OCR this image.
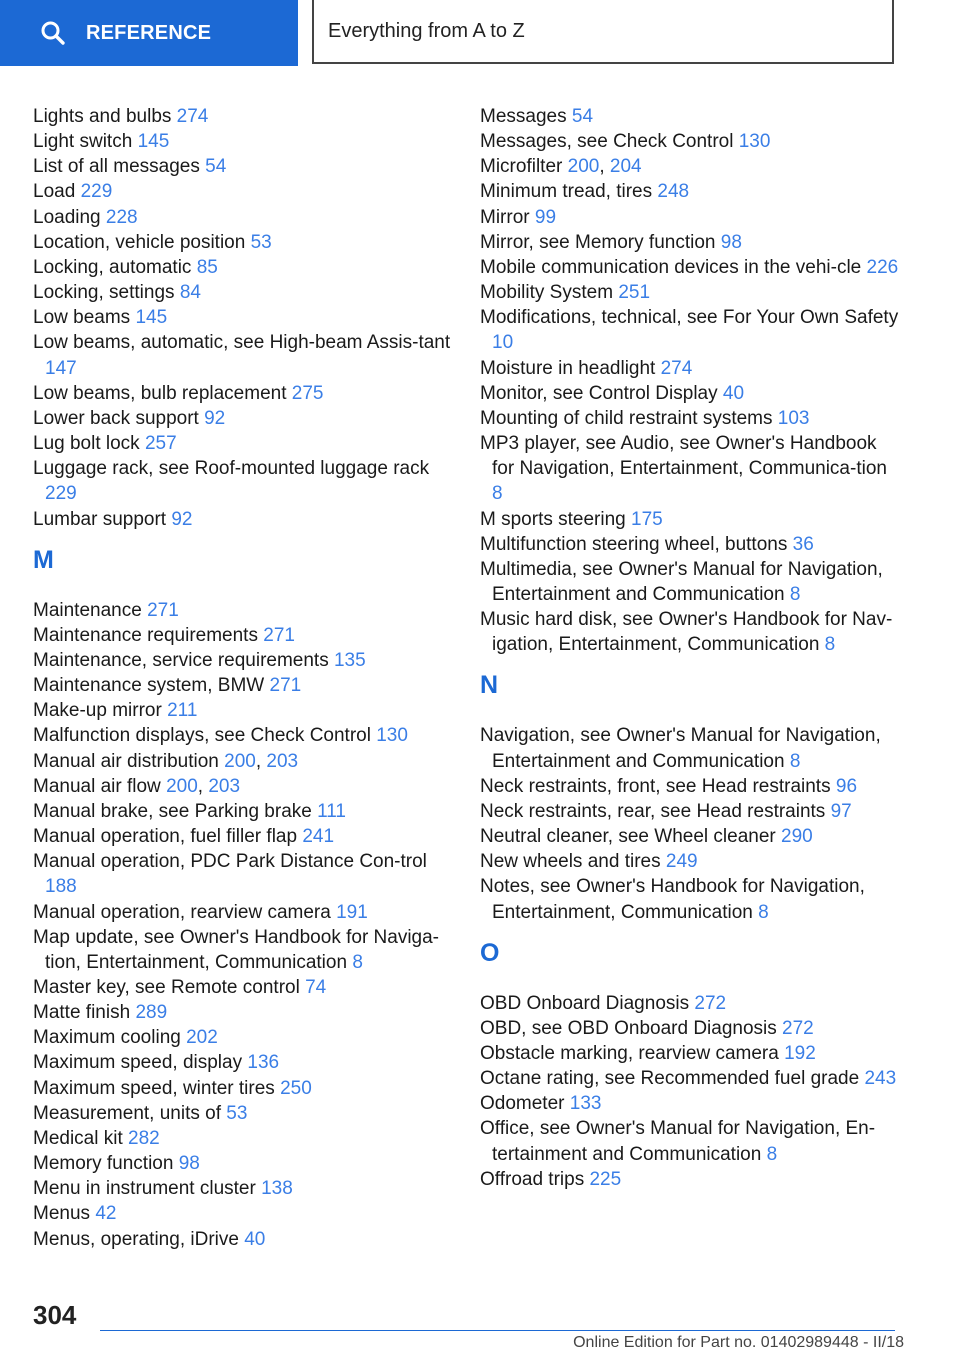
REFERENCE	Everything from A to Z
Lights and bulbs 274
Light switch 145
List of all messages 54
Load 229
Loading 228
Location, vehicle position 53
Locking, automatic 85
Locking, settings 84
Low beams 145
Low beams, automatic, see High-beam Assis-tant 147
Low beams, bulb replacement 275
Lower back support 92
Lug bolt lock 257
Luggage rack, see Roof-mounted luggage rack 229
Lumbar support 92
M
Maintenance 271
Maintenance requirements 271
Maintenance, service requirements 135
Maintenance system, BMW 271
Make-up mirror 211
Malfunction displays, see Check Control 130
Manual air distribution 200, 203
Manual air flow 200, 203
Manual brake, see Parking brake 111
Manual operation, fuel filler flap 241
Manual operation, PDC Park Distance Con-trol 188
Manual operation, rearview camera 191
Map update, see Owner's Handbook for Naviga-tion, Entertainment, Communication 8
Master key, see Remote control 74
Matte finish 289
Maximum cooling 202
Maximum speed, display 136
Maximum speed, winter tires 250
Measurement, units of 53
Medical kit 282
Memory function 98
Menu in instrument cluster 138
Menus 42
Menus, operating, iDrive 40
Messages 54
Messages, see Check Control 130
Microfilter 200, 204
Minimum tread, tires 248
Mirror 99
Mirror, see Memory function 98
Mobile communication devices in the vehi-cle 226
Mobility System 251
Modifications, technical, see For Your Own Safety 10
Moisture in headlight 274
Monitor, see Control Display 40
Mounting of child restraint systems 103
MP3 player, see Audio, see Owner's Handbook for Navigation, Entertainment, Communica-tion 8
M sports steering 175
Multifunction steering wheel, buttons 36
Multimedia, see Owner's Manual for Navigation, Entertainment and Communication 8
Music hard disk, see Owner's Handbook for Nav-igation, Entertainment, Communication 8
N
Navigation, see Owner's Manual for Navigation, Entertainment and Communication 8
Neck restraints, front, see Head restraints 96
Neck restraints, rear, see Head restraints 97
Neutral cleaner, see Wheel cleaner 290
New wheels and tires 249
Notes, see Owner's Handbook for Navigation, Entertainment, Communication 8
O
OBD Onboard Diagnosis 272
OBD, see OBD Onboard Diagnosis 272
Obstacle marking, rearview camera 192
Octane rating, see Recommended fuel grade 243
Odometer 133
Office, see Owner's Manual for Navigation, En-tertainment and Communication 8
Offroad trips 225
304
Online Edition for Part no. 01402989448 - II/18
